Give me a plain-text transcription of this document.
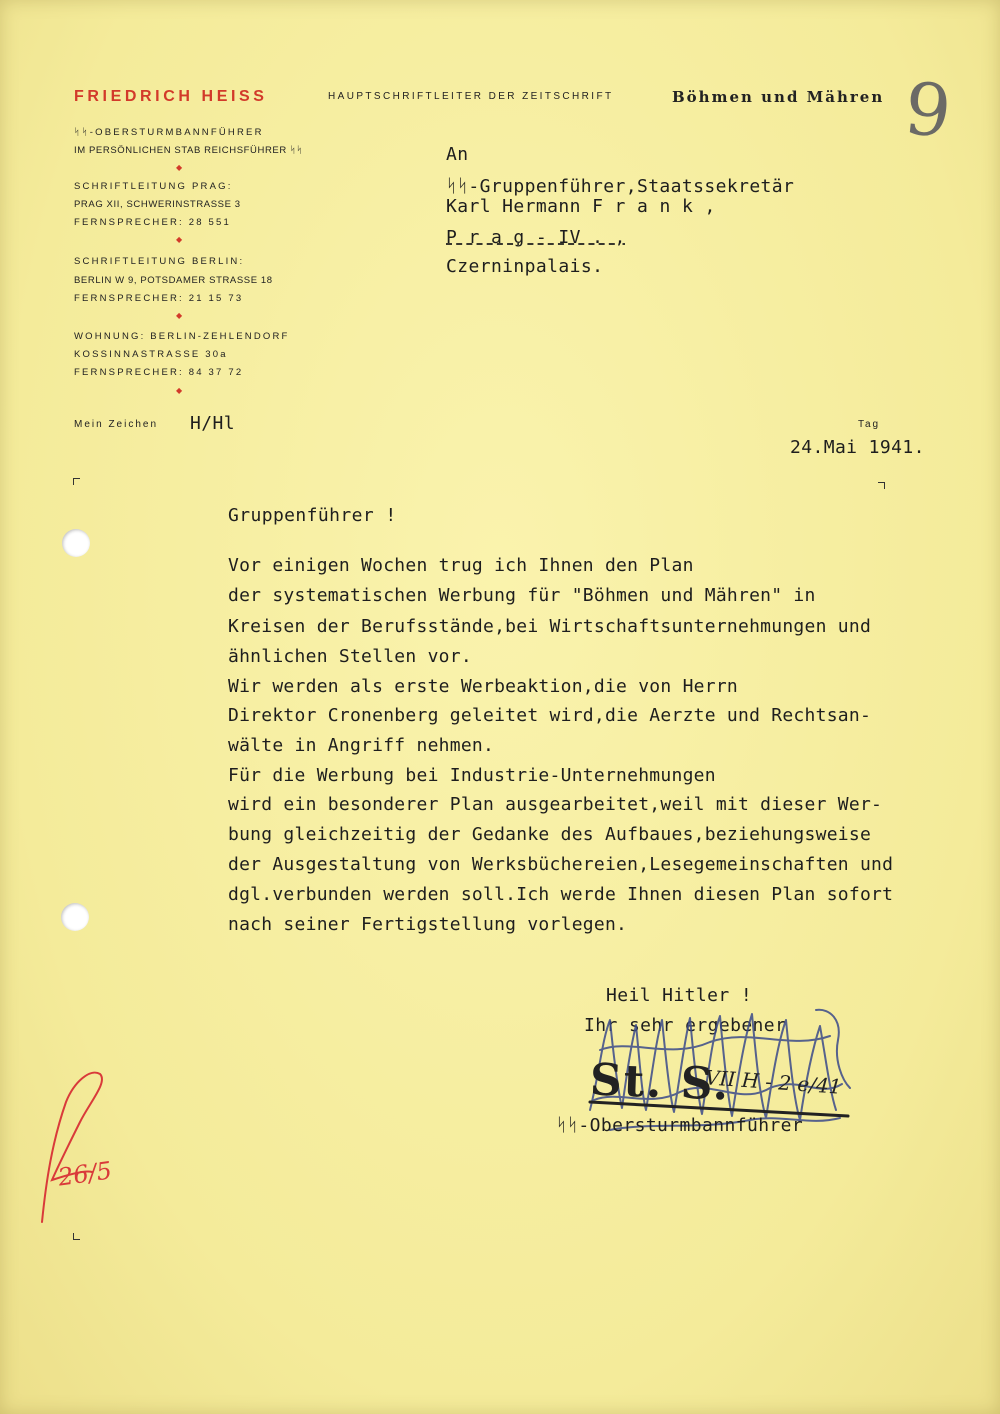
FRIEDRICH HEISS	HAUPTSCHRIFTLEITER DER ZEITSCHRIFT	Böhmen und Mähren
ᛋᛋ-OBERSTURMBANNFÜHRER
IM PERSÖNLICHEN STAB REICHSFÜHRER ᛋᛋ
◆
SCHRIFTLEITUNG PRAG:
PRAG XII, SCHWERINSTRASSE 3
FERNSPRECHER: 28 551
◆
SCHRIFTLEITUNG BERLIN:
BERLIN W 9, POTSDAMER STRASSE 18
FERNSPRECHER: 21 15 73
◆
WOHNUNG: BERLIN-ZEHLENDORF
KOSSINNASTRASSE 30a
FERNSPRECHER: 84 37 72
◆
Mein Zeichen H/Hl	Tag
An
ᛋᛋ-Gruppenführer,Staatssekretär
Karl Hermann F r a n k ,
P r a g - IV . ,
Czerninpalais.
24.Mai 1941.
Gruppenführer !
Vor einigen Wochen trug ich Ihnen den Plan
der systematischen Werbung für "Böhmen und Mähren" in
Kreisen der Berufsstände,bei Wirtschaftsunternehmungen und
ähnlichen Stellen vor.
Wir werden als erste Werbeaktion,die von Herrn
Direktor Cronenberg geleitet wird,die Aerzte und Rechtsan-
wälte in Angriff nehmen.
Für die Werbung bei Industrie-Unternehmungen
wird ein besonderer Plan ausgearbeitet,weil mit dieser Wer-
bung gleichzeitig der Gedanke des Aufbaues,beziehungsweise
der Ausgestaltung von Werksbüchereien,Lesegemeinschaften und
dgl.verbunden werden soll.Ich werde Ihnen diesen Plan sofort
nach seiner Fertigstellung vorlegen.
Heil Hitler !
Ihr sehr ergebener
ᛋᛋ-Obersturmbannführer
St. S.
VII H - 2 e/41
9
26/5
